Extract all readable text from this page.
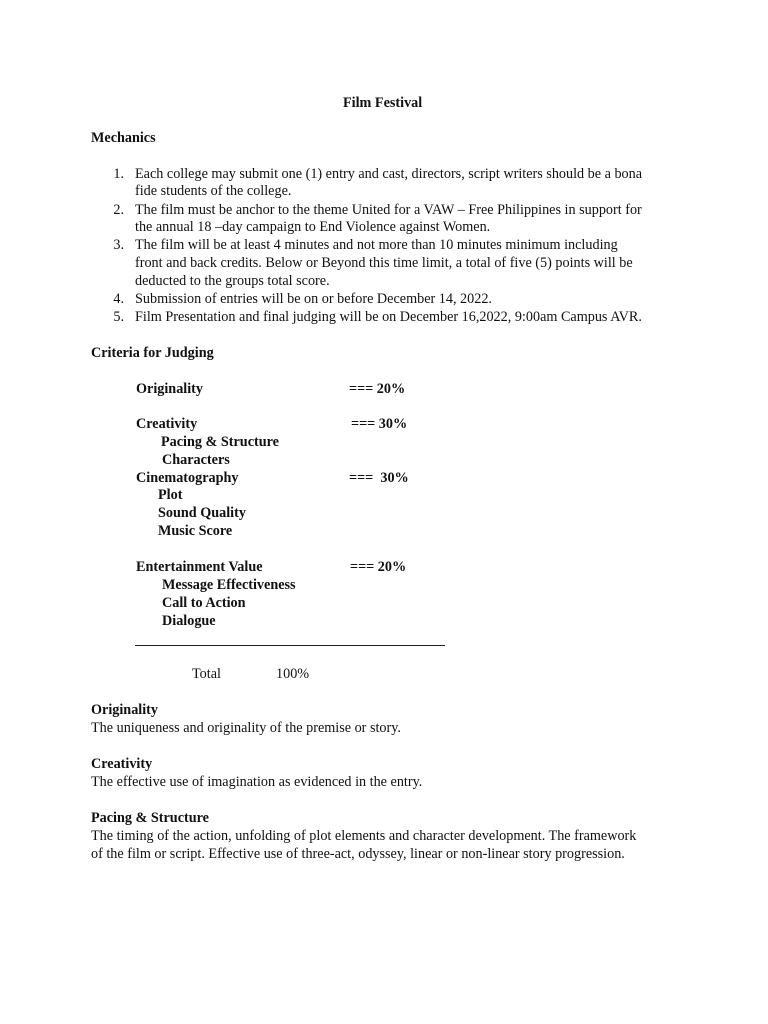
Film Festival
Mechanics
1. Each college may submit one (1) entry and cast, directors, script writers should be a bona
fide students of the college.
2. The film must be anchor to the theme United for a VAW – Free Philippines in support for
the annual 18 –day campaign to End Violence against Women.
3. The film will be at least 4 minutes and not more than 10 minutes minimum including
front and back credits. Below or Beyond this time limit, a total of five (5) points will be
deducted to the groups total score.
4. Submission of entries will be on or before December 14, 2022.
5. Film Presentation and final judging will be on December 16,2022, 9:00am Campus AVR.
Criteria for Judging
Originality	=== 20%
Creativity	=== 30%
Pacing & Structure
Characters
Cinematography	===  30%
Plot
Sound Quality
Music Score
Entertainment Value	=== 20%
Message Effectiveness
Call to Action
Dialogue
Total	100%
Originality
The uniqueness and originality of the premise or story.
Creativity
The effective use of imagination as evidenced in the entry.
Pacing & Structure
The timing of the action, unfolding of plot elements and character development. The framework
of the film or script. Effective use of three-act, odyssey, linear or non-linear story progression.
